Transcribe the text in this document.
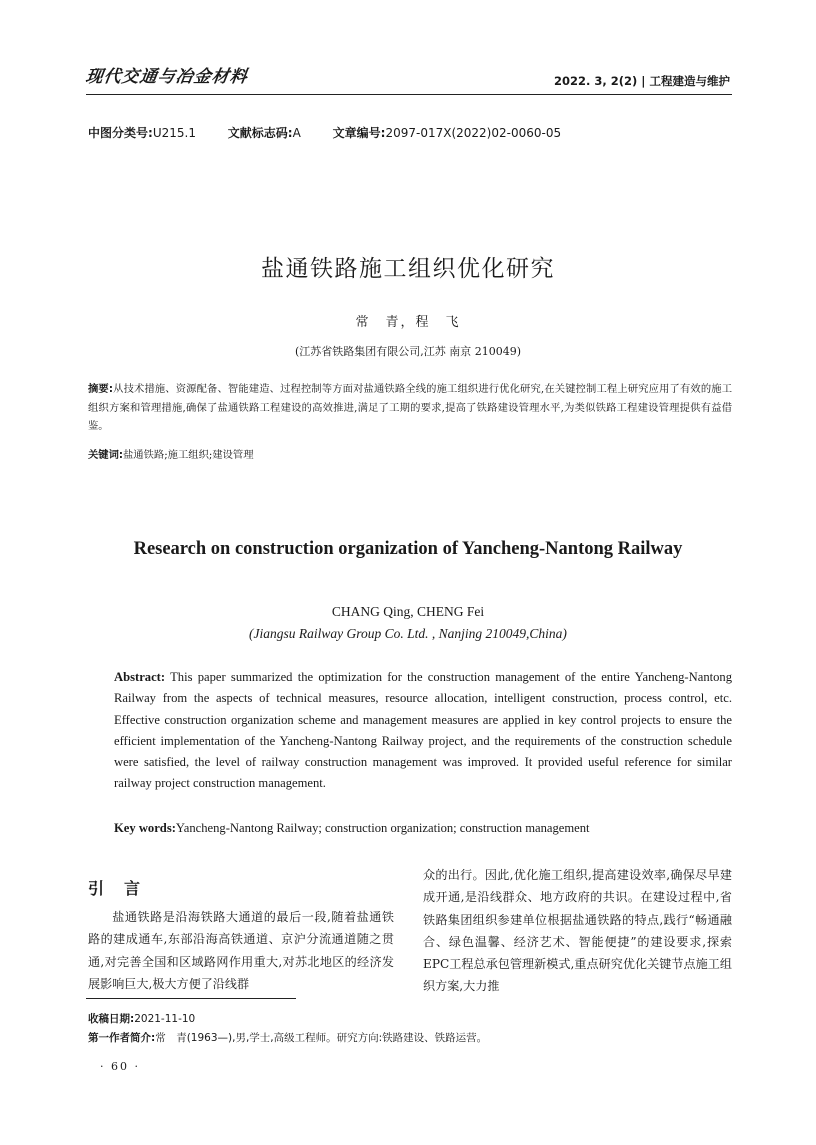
现代交通与冶金材料	2022. 3, 2(2) | 工程建造与维护
中图分类号:U215.1	文献标志码:A	文章编号:2097-017X(2022)02-0060-05
盐通铁路施工组织优化研究
常　青，程　飞
(江苏省铁路集团有限公司,江苏 南京 210049)
摘要:从技术措施、资源配备、智能建造、过程控制等方面对盐通铁路全线的施工组织进行优化研究,在关键控制工程上研究应用了有效的施工组织方案和管理措施,确保了盐通铁路工程建设的高效推进,满足了工期的要求,提高了铁路建设管理水平,为类似铁路工程建设管理提供有益借鉴。
关键词:盐通铁路;施工组织;建设管理
Research on construction organization of Yancheng-Nantong Railway
CHANG Qing, CHENG Fei
(Jiangsu Railway Group Co. Ltd. , Nanjing 210049,China)
Abstract: This paper summarized the optimization for the construction management of the entire Yancheng-Nantong Railway from the aspects of technical measures, resource allocation, intelligent construction, process control, etc. Effective construction organization scheme and management measures are applied in key control projects to ensure the efficient implementation of the Yancheng-Nantong Railway project, and the requirements of the construction schedule were satisfied, the level of railway construction management was improved. It provided useful reference for similar railway project construction management.
Key words:Yancheng-Nantong Railway; construction organization; construction management
引言
盐通铁路是沿海铁路大通道的最后一段,随着盐通铁路的建成通车,东部沿海高铁通道、京沪分流通道随之贯通,对完善全国和区域路网作用重大,对苏北地区的经济发展影响巨大,极大方便了沿线群
众的出行。因此,优化施工组织,提高建设效率,确保尽早建成开通,是沿线群众、地方政府的共识。在建设过程中,省铁路集团组织参建单位根据盐通铁路的特点,践行“畅通融合、绿色温馨、经济艺术、智能便捷”的建设要求,探索EPC工程总承包管理新模式,重点研究优化关键节点施工组织方案,大力推
收稿日期:2021-11-10
第一作者简介:常　青(1963—),男,学士,高级工程师。研究方向:铁路建设、铁路运营。
· 60 ·
